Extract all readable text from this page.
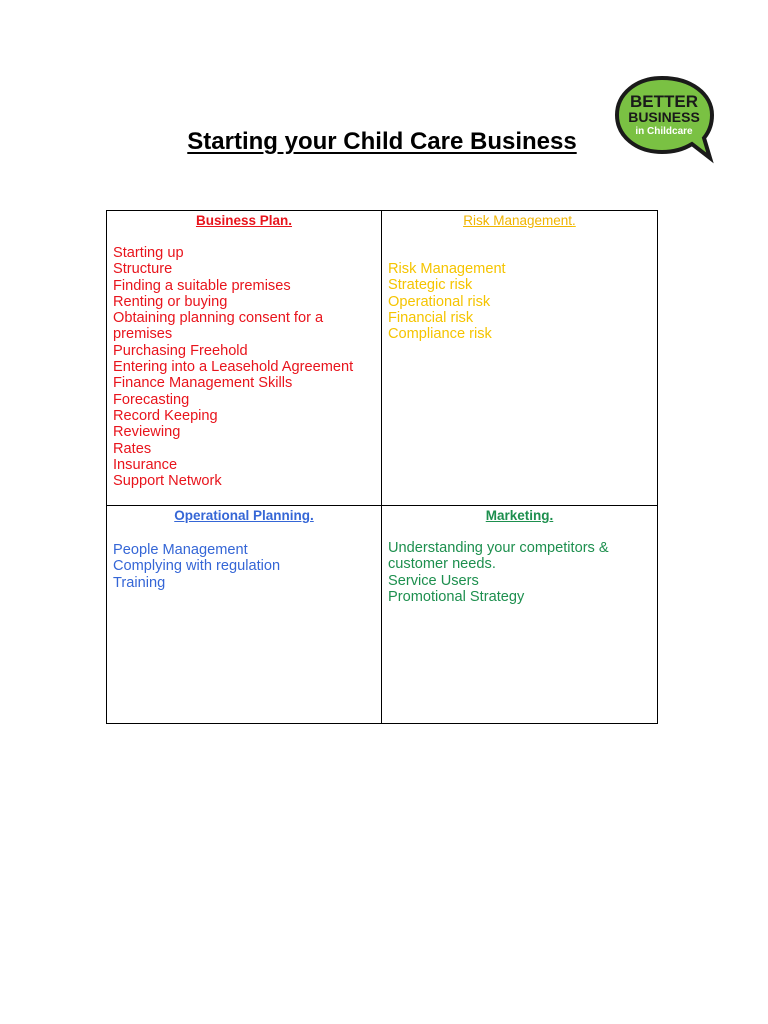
BETTER
BUSINESS
in Childcare
Starting your Child Care Business
Business Plan.
Starting up
Structure
Finding a suitable premises
Renting or buying
Obtaining planning consent for a
premises
Purchasing Freehold
Entering into a Leasehold Agreement
Finance Management Skills
Forecasting
Record Keeping
Reviewing
Rates
Insurance
Support Network
Risk Management.
Risk Management
Strategic risk
Operational risk
Financial risk
Compliance risk
Operational Planning.
People Management
Complying with regulation
Training
Marketing.
Understanding your competitors &
customer needs.
Service Users
Promotional Strategy
